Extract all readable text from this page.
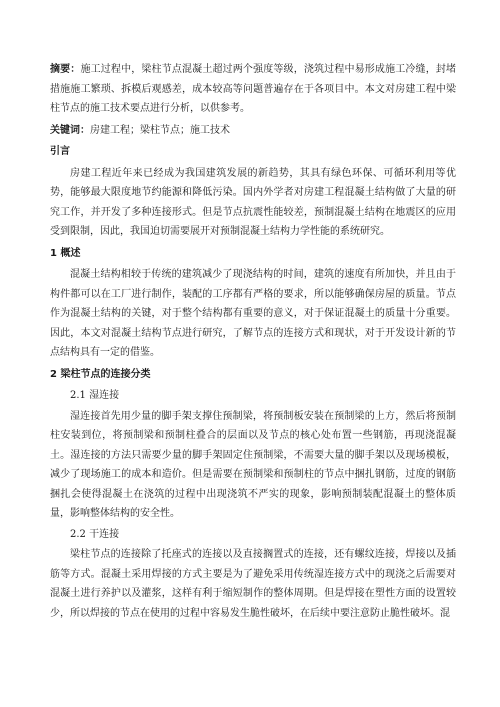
摘要：施工过程中，梁柱节点混凝土超过两个强度等级，浇筑过程中易形成施工冷缝，封堵措施施工繁琐、拆模后观感差，成本较高等问题普遍存在于各项目中。本文对房建工程中梁柱节点的施工技术要点进行分析，以供参考。

关键词：房建工程；梁柱节点；施工技术

引言

房建工程近年来已经成为我国建筑发展的新趋势，其具有绿色环保、可循环利用等优势，能够最大限度地节约能源和降低污染。国内外学者对房建工程混凝土结构做了大量的研究工作，并开发了多种连接形式。但是节点抗震性能较差，预制混凝土结构在地震区的应用受到限制，因此，我国迫切需要展开对预制混凝土结构力学性能的系统研究。

1 概述

混凝土结构相较于传统的建筑减少了现浇结构的时间，建筑的速度有所加快，并且由于构件都可以在工厂进行制作，装配的工序都有严格的要求，所以能够确保房屋的质量。节点作为混凝土结构的关键，对于整个结构都有重要的意义，对于保证混凝土的质量十分重要。因此，本文对混凝土结构节点进行研究，了解节点的连接方式和现状，对于开发设计新的节点结构具有一定的借鉴。

2 梁柱节点的连接分类
2.1 湿连接

湿连接首先用少量的脚手架支撑住预制梁，将预制板安装在预制梁的上方，然后将预制柱安装到位，将预制梁和预制柱叠合的层面以及节点的核心处布置一些钢筋，再现浇混凝土。湿连接的方法只需要少量的脚手架固定住预制梁，不需要大量的脚手架以及现场模板，减少了现场施工的成本和造价。但是需要在预制梁和预制柱的节点中捆扎钢筋，过度的钢筋捆扎会使得混凝土在浇筑的过程中出现浇筑不严实的现象，影响预制装配混凝土的整体质量，影响整体结构的安全性。

2.2 干连接

梁柱节点的连接除了托座式的连接以及直接搁置式的连接，还有螺纹连接，焊接以及插筋等方式。混凝土采用焊接的方式主要是为了避免采用传统湿连接方式中的现浇之后需要对混凝土进行养护以及灌浆，这样有利于缩短制作的整体周期。但是焊接在塑性方面的设置较少，所以焊接的节点在使用的过程中容易发生脆性破坏，在后续中要注意防止脆性破坏。混
